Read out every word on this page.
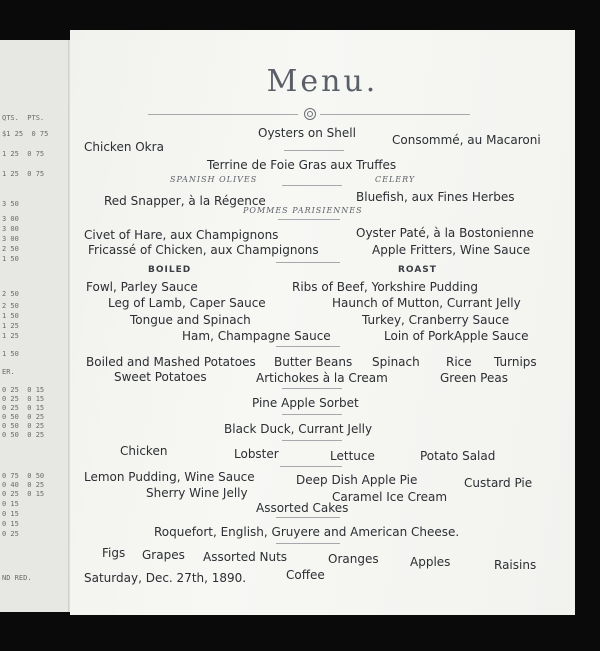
QTS.  PTS.
$1 25  0 75
1 25  0 75
1 25  0 75
3 50
3 00
3 00
3 00
2 50
1 50
2 50
2 50
1 50
1 25
1 25
1 50
ER.
0 25  0 15
0 25  0 15
0 25  0 15
0 50  0 25
0 50  0 25
0 50  0 25
0 75  0 50
0 40  0 25
0 25  0 15
0 15
0 15
0 15
0 25
ND RED.
Menu.
Oysters on Shell
Chicken Okra	Consommé, au Macaroni
Terrine de Foie Gras aux Truffes
SPANISH OLIVES	CELERY
Red Snapper, à la Régence	Bluefish, aux Fines Herbes
POMMES PARISIENNES
Civet of Hare, aux Champignons	Oyster Paté, à la Bostonienne
Fricassé of Chicken, aux Champignons	Apple Fritters, Wine Sauce
BOILED	ROAST
Fowl, Parley Sauce	Ribs of Beef, Yorkshire Pudding
Leg of Lamb, Caper Sauce	Haunch of Mutton, Currant Jelly
Tongue and Spinach	Turkey, Cranberry Sauce
Ham, Champagne Sauce	Loin of PorkApple Sauce
Boiled and Mashed Potatoes Butter Beans Spinach Rice Turnips
Sweet Potatoes	Artichokes à la Cream	Green Peas
Pine Apple Sorbet
Black Duck, Currant Jelly
Chicken	Lobster	Lettuce	Potato Salad
Lemon Pudding, Wine Sauce	Deep Dish Apple Pie	Custard Pie
Sherry Wine Jelly	Caramel Ice Cream
Assorted Cakes
Roquefort, English, Gruyere and American Cheese.
Figs Grapes Assorted Nuts	Oranges	Apples	Raisins
Saturday, Dec. 27th, 1890.	Coffee
